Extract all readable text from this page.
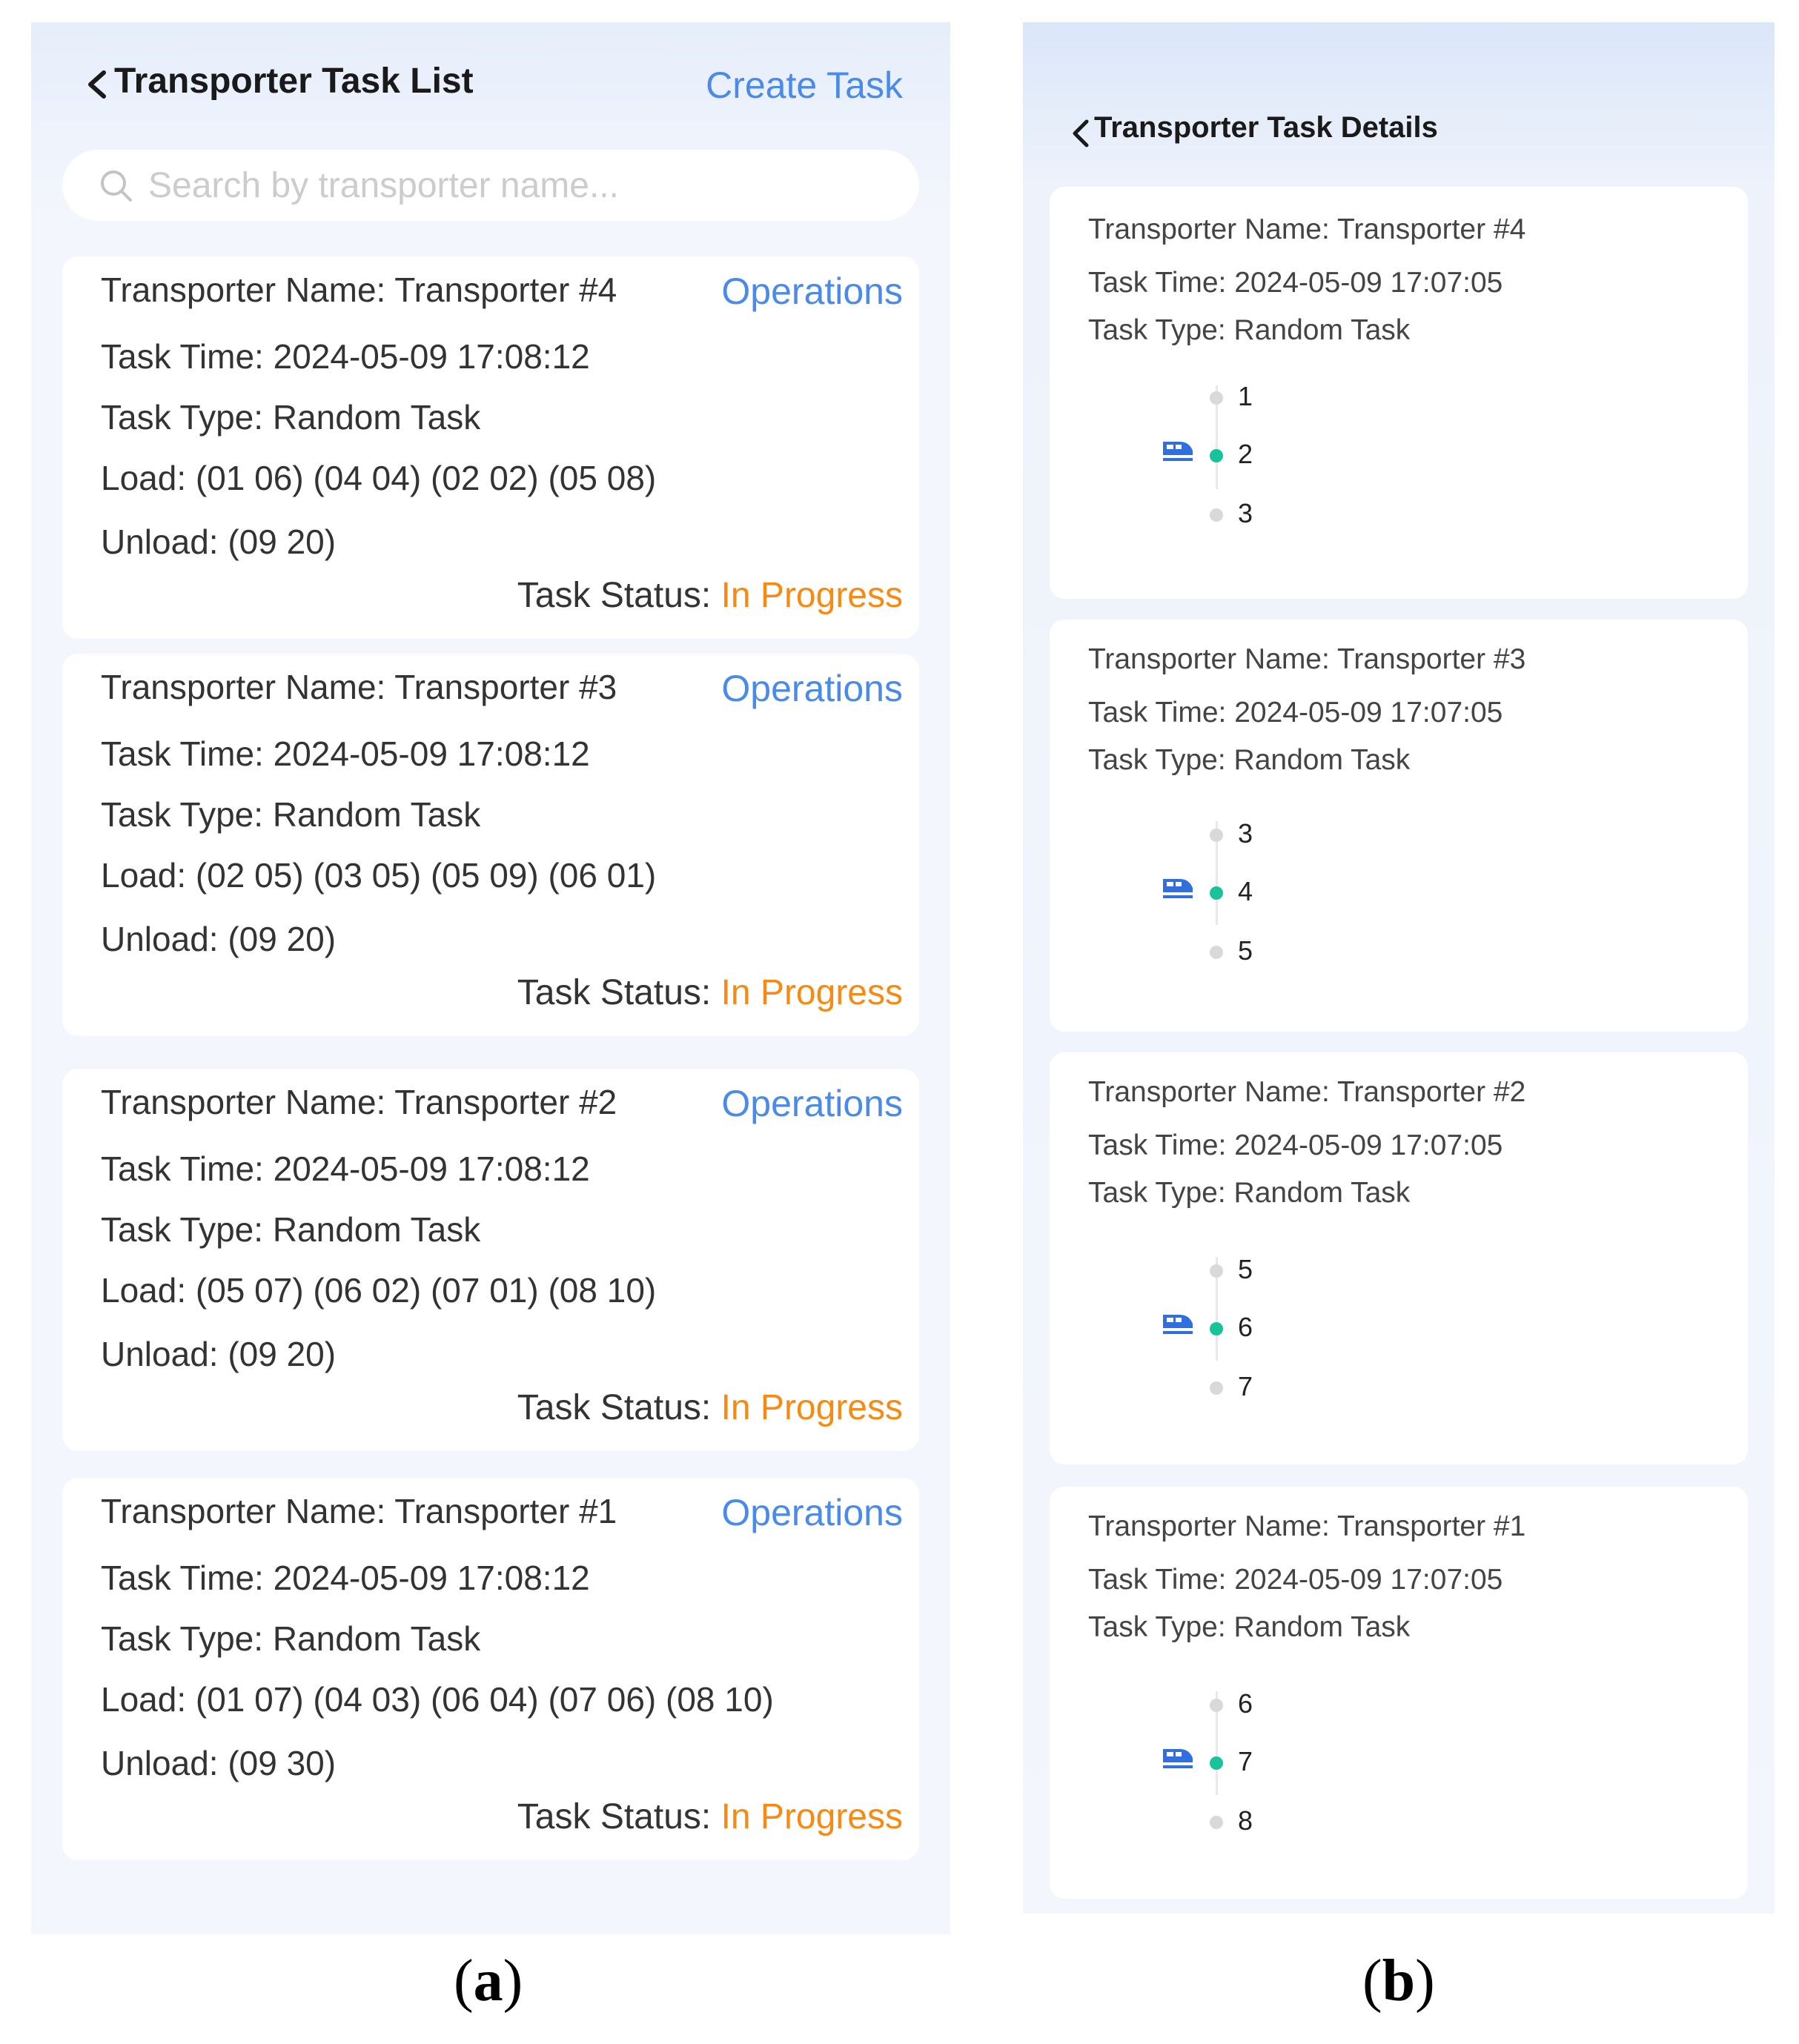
Transporter Task List	Create Task
Search by transporter name...
Transporter Name: Transporter #4	Operations
Task Time: 2024-05-09 17:08:12
Task Type: Random Task
Load: (01 06) (04 04) (02 02) (05 08)
Unload: (09 20)
Task Status: In Progress
Transporter Name: Transporter #3	Operations
Task Time: 2024-05-09 17:08:12
Task Type: Random Task
Load: (02 05) (03 05) (05 09) (06 01)
Unload: (09 20)
Task Status: In Progress
Transporter Name: Transporter #2	Operations
Task Time: 2024-05-09 17:08:12
Task Type: Random Task
Load: (05 07) (06 02) (07 01) (08 10)
Unload: (09 20)
Task Status: In Progress
Transporter Name: Transporter #1	Operations
Task Time: 2024-05-09 17:08:12
Task Type: Random Task
Load: (01 07) (04 03) (06 04) (07 06) (08 10)
Unload: (09 30)
Task Status: In Progress
Transporter Task Details
Transporter Name: Transporter #4
Task Time: 2024-05-09 17:07:05
Task Type: Random Task
1
2
3
Transporter Name: Transporter #3
Task Time: 2024-05-09 17:07:05
Task Type: Random Task
3
4
5
Transporter Name: Transporter #2
Task Time: 2024-05-09 17:07:05
Task Type: Random Task
5
6
7
Transporter Name: Transporter #1
Task Time: 2024-05-09 17:07:05
Task Type: Random Task
6
7
8
(a)	(b)
